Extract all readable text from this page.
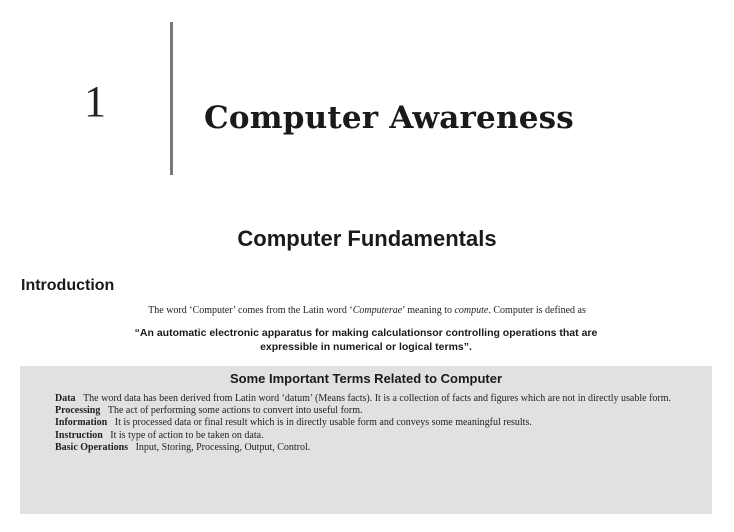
1	Computer Awareness
Computer Fundamentals
Introduction
The word ‘Computer’ comes from the Latin word ‘Computerae’ meaning to compute. Computer is defined as
“An automatic electronic apparatus for making calculationsor controlling operations that are
expressible in numerical or logical terms”.
Some Important Terms Related to Computer

Data The word data has been derived from Latin word ‘datum’ (Means facts). It is a collection of facts and figures which are not in directly usable form.

Processing The act of performing some actions to convert into useful form.

Information It is processed data or final result which is in directly usable form and conveys some meaningful results.

Instruction It is type of action to be taken on data.

Basic Operations Input, Storing, Processing, Output, Control.
